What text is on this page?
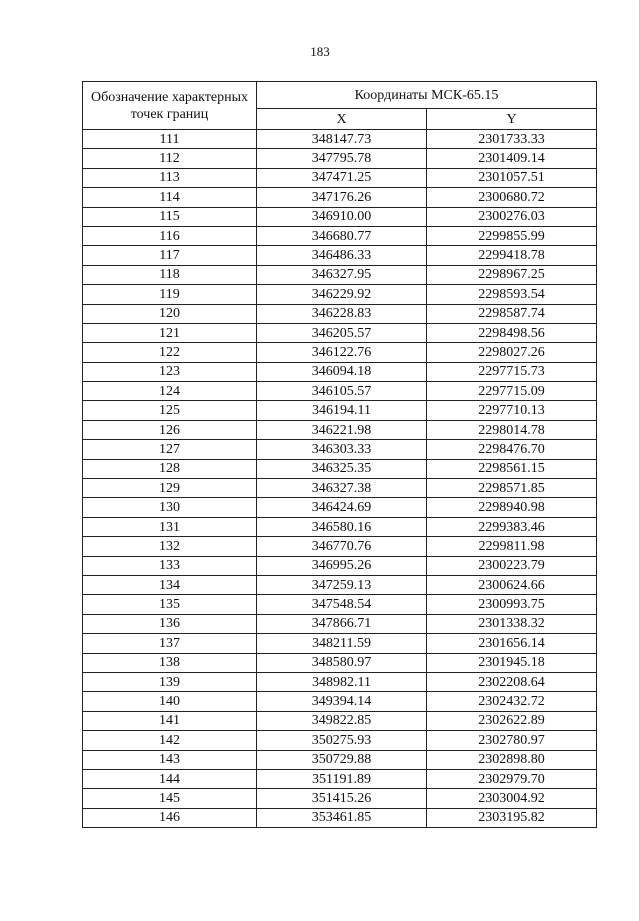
183
Обозначение характерных точек границ	Координаты МСК-65.15	
	X	Y
111	348147.73	2301733.33
112	347795.78	2301409.14
113	347471.25	2301057.51
114	347176.26	2300680.72
115	346910.00	2300276.03
116	346680.77	2299855.99
117	346486.33	2299418.78
118	346327.95	2298967.25
119	346229.92	2298593.54
120	346228.83	2298587.74
121	346205.57	2298498.56
122	346122.76	2298027.26
123	346094.18	2297715.73
124	346105.57	2297715.09
125	346194.11	2297710.13
126	346221.98	2298014.78
127	346303.33	2298476.70
128	346325.35	2298561.15
129	346327.38	2298571.85
130	346424.69	2298940.98
131	346580.16	2299383.46
132	346770.76	2299811.98
133	346995.26	2300223.79
134	347259.13	2300624.66
135	347548.54	2300993.75
136	347866.71	2301338.32
137	348211.59	2301656.14
138	348580.97	2301945.18
139	348982.11	2302208.64
140	349394.14	2302432.72
141	349822.85	2302622.89
142	350275.93	2302780.97
143	350729.88	2302898.80
144	351191.89	2302979.70
145	351415.26	2303004.92
146	353461.85	2303195.82
